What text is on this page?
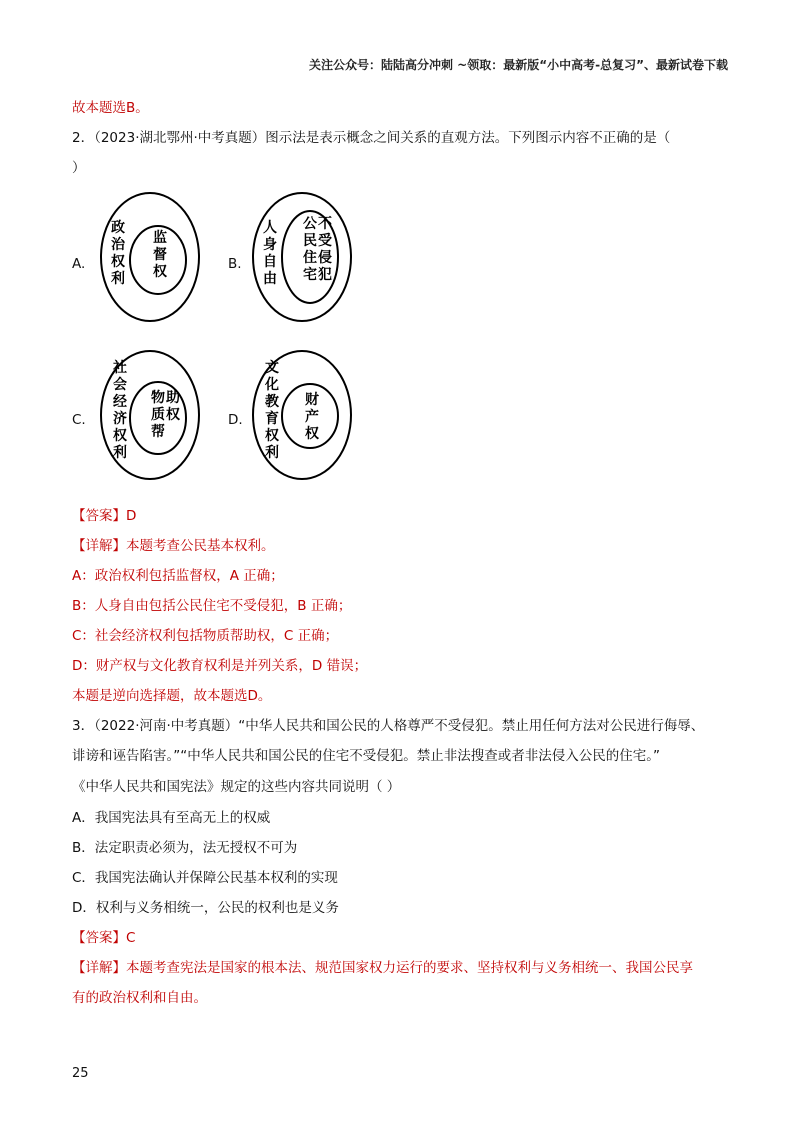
关注公众号：陆陆高分冲刺 ~领取：最新版“小中高考-总复习”、最新试卷下载
故本题选B。
2．（2023·湖北鄂州·中考真题）图示法是表示概念之间关系的直观方法。下列图示内容不正确的是（
）
A.
政
治
权
利
监
督
权	B.
人
身
自
由
公
民
住
宅
不
受
侵
犯
C.
社
会
经
济
权
利
物
质
帮
助
权	D.
文
化
教
育
权
利
财
产
权
【答案】D
【详解】本题考查公民基本权利。
A：政治权利包括监督权，A 正确；
B：人身自由包括公民住宅不受侵犯，B 正确；
C：社会经济权利包括物质帮助权，C 正确；
D：财产权与文化教育权利是并列关系，D 错误；
本题是逆向选择题，故本题选D。
3．（2022·河南·中考真题）“中华人民共和国公民的人格尊严不受侵犯。禁止用任何方法对公民进行侮辱、
诽谤和诬告陷害。”“中华人民共和国公民的住宅不受侵犯。禁止非法搜查或者非法侵入公民的住宅。”
《中华人民共和国宪法》规定的这些内容共同说明（ ）
A．我国宪法具有至高无上的权威
B．法定职责必须为，法无授权不可为
C．我国宪法确认并保障公民基本权利的实现
D．权利与义务相统一，公民的权利也是义务
【答案】C
【详解】本题考查宪法是国家的根本法、规范国家权力运行的要求、坚持权利与义务相统一、我国公民享
有的政治权利和自由。
25
